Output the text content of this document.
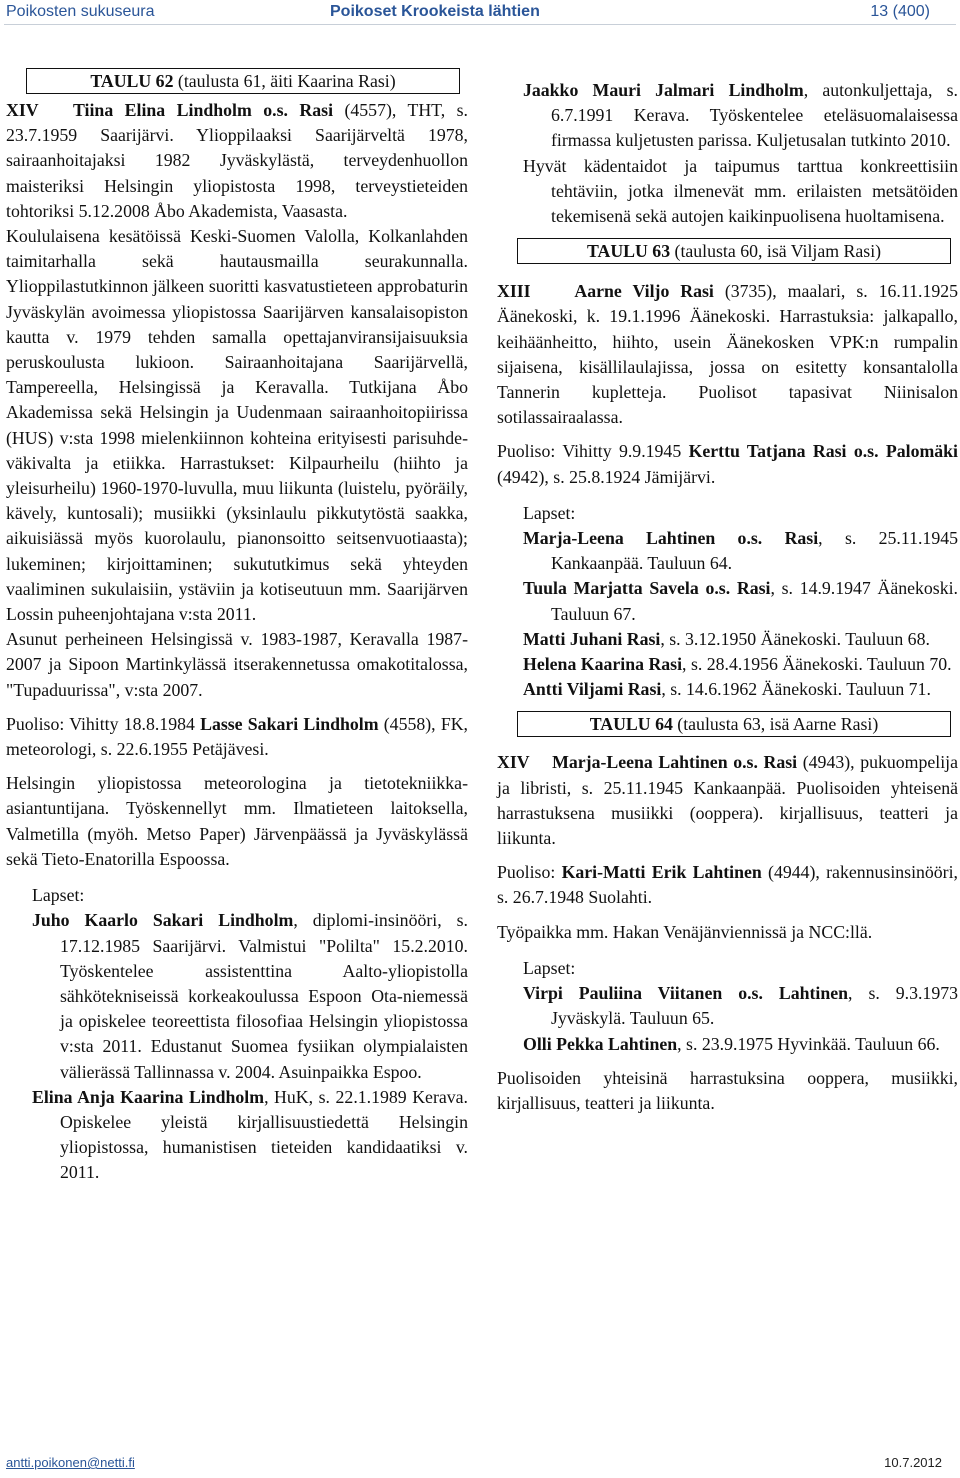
Poikosten sukuseura	Poikoset Krookeista lähtien	13 (400)
TAULU 62 (taulusta 61, äiti Kaarina Rasi)

XIV Tiina Elina Lindholm o.s. Rasi (4557), THT, s. 23.7.1959 Saarijärvi. Ylioppilaaksi Saarijärveltä 1978, sairaanhoitajaksi 1982 Jyväskylästä, terveydenhuollon maisteriksi Helsingin yliopistosta 1998, terveystieteiden tohtoriksi 5.12.2008 Åbo Akademista, Vaasasta.

Koululaisena kesätöissä Keski-Suomen Valolla, Kolkanlahden taimitarhalla sekä hautausmailla seurakunnalla. Ylioppilastutkinnon jälkeen suoritti kasvatustieteen approbaturin Jyväskylän avoimessa yliopistossa Saarijärven kansalaisopiston kautta v. 1979 tehden samalla opettajanviransijaisuuksia peruskoulusta lukioon. Sairaanhoitajana Saarijärvellä, Tampereella, Helsingissä ja Keravalla. Tutkijana Åbo Akademissa sekä Helsingin ja Uudenmaan sairaanhoitopiirissa (HUS) v:sta 1998 mielenkiinnon kohteina erityisesti parisuhde-väkivalta ja etiikka. Harrastukset: Kilpaurheilu (hiihto ja yleisurheilu) 1960-1970-luvulla, muu liikunta (luistelu, pyöräily, kävely, kuntosali); musiikki (yksinlaulu pikkutytöstä saakka, aikuisiässä myös kuorolaulu, pianonsoitto seitsenvuotiaasta); lukeminen; kirjoittaminen; sukututkimus sekä yhteyden vaaliminen sukulaisiin, ystäviin ja kotiseutuun mm. Saarijärven Lossin puheenjohtajana v:sta 2011.

Asunut perheineen Helsingissä v. 1983-1987, Keravalla 1987-2007 ja Sipoon Martinkylässä itserakennetussa omakotitalossa, "Tupaduurissa", v:sta 2007.

Puoliso: Vihitty 18.8.1984 Lasse Sakari Lindholm (4558), FK, meteorologi, s. 22.6.1955 Petäjävesi.

Helsingin yliopistossa meteorologina ja tietotekniikka-asiantuntijana. Työskennellyt mm. Ilmatieteen laitoksella, Valmetilla (myöh. Metso Paper) Järvenpäässä ja Jyväskylässä sekä Tieto-Enatorilla Espoossa.

Lapset:

Juho Kaarlo Sakari Lindholm, diplomi-insinööri, s. 17.12.1985 Saarijärvi. Valmistui "Polilta" 15.2.2010. Työskentelee assistenttina Aalto-yliopistolla sähkötekniseissä korkeakoulussa Espoon Ota-niemessä ja opiskelee teoreettista filosofiaa Helsingin yliopistossa v:sta 2011. Edustanut Suomea fysiikan olympialaisten välierässä Tallinnassa v. 2004. Asuinpaikka Espoo.

Elina Anja Kaarina Lindholm, HuK, s. 22.1.1989 Kerava. Opiskelee yleistä kirjallisuustiedettä Helsingin yliopistossa, humanistisen tieteiden kandidaatiksi v. 2011.

Jaakko Mauri Jalmari Lindholm, autonkuljettaja, s. 6.7.1991 Kerava. Työskentelee eteläsuomalaisessa firmassa kuljetusten parissa. Kuljetusalan tutkinto 2010.

Hyvät kädentaidot ja taipumus tarttua konkreettisiin tehtäviin, jotka ilmenevät mm. erilaisten metsätöiden tekemisenä sekä autojen kaikinpuolisena huoltamisena.

TAULU 63 (taulusta 60, isä Viljam Rasi)

XIII Aarne Viljo Rasi (3735), maalari, s. 16.11.1925 Äänekoski, k. 19.1.1996 Äänekoski. Harrastuksia: jalkapallo, keihäänheitto, hiihto, usein Äänekosken VPK:n rumpalin sijaisena, kisällilaulajissa, jossa on esitetty konsantalolla Tannerin kupletteja. Puolisot tapasivat Niinisalon sotilassairaalassa.

Puoliso: Vihitty 9.9.1945 Kerttu Tatjana Rasi o.s. Palomäki (4942), s. 25.8.1924 Jämijärvi.

Lapset:

Marja-Leena Lahtinen o.s. Rasi, s. 25.11.1945 Kankaanpää. Tauluun 64.

Tuula Marjatta Savela o.s. Rasi, s. 14.9.1947 Äänekoski. Tauluun 67.

Matti Juhani Rasi, s. 3.12.1950 Äänekoski. Tauluun 68.

Helena Kaarina Rasi, s. 28.4.1956 Äänekoski. Tauluun 70.

Antti Viljami Rasi, s. 14.6.1962 Äänekoski. Tauluun 71.

TAULU 64 (taulusta 63, isä Aarne Rasi)

XIV Marja-Leena Lahtinen o.s. Rasi (4943), pukuompelija ja libristi, s. 25.11.1945 Kankaanpää. Puolisoiden yhteisenä harrastuksena musiikki (ooppera). kirjallisuus, teatteri ja liikunta.

Puoliso: Kari-Matti Erik Lahtinen (4944), rakennusinsinööri, s. 26.7.1948 Suolahti.

Työpaikka mm. Hakan Venäjänviennissä ja NCC:llä.

Lapset:

Virpi Pauliina Viitanen o.s. Lahtinen, s. 9.3.1973 Jyväskylä. Tauluun 65.

Olli Pekka Lahtinen, s. 23.9.1975 Hyvinkää. Tauluun 66.

Puolisoiden yhteisinä harrastuksina ooppera, musiikki, kirjallisuus, teatteri ja liikunta.

antti.poikonen@netti.fi	10.7.2012
